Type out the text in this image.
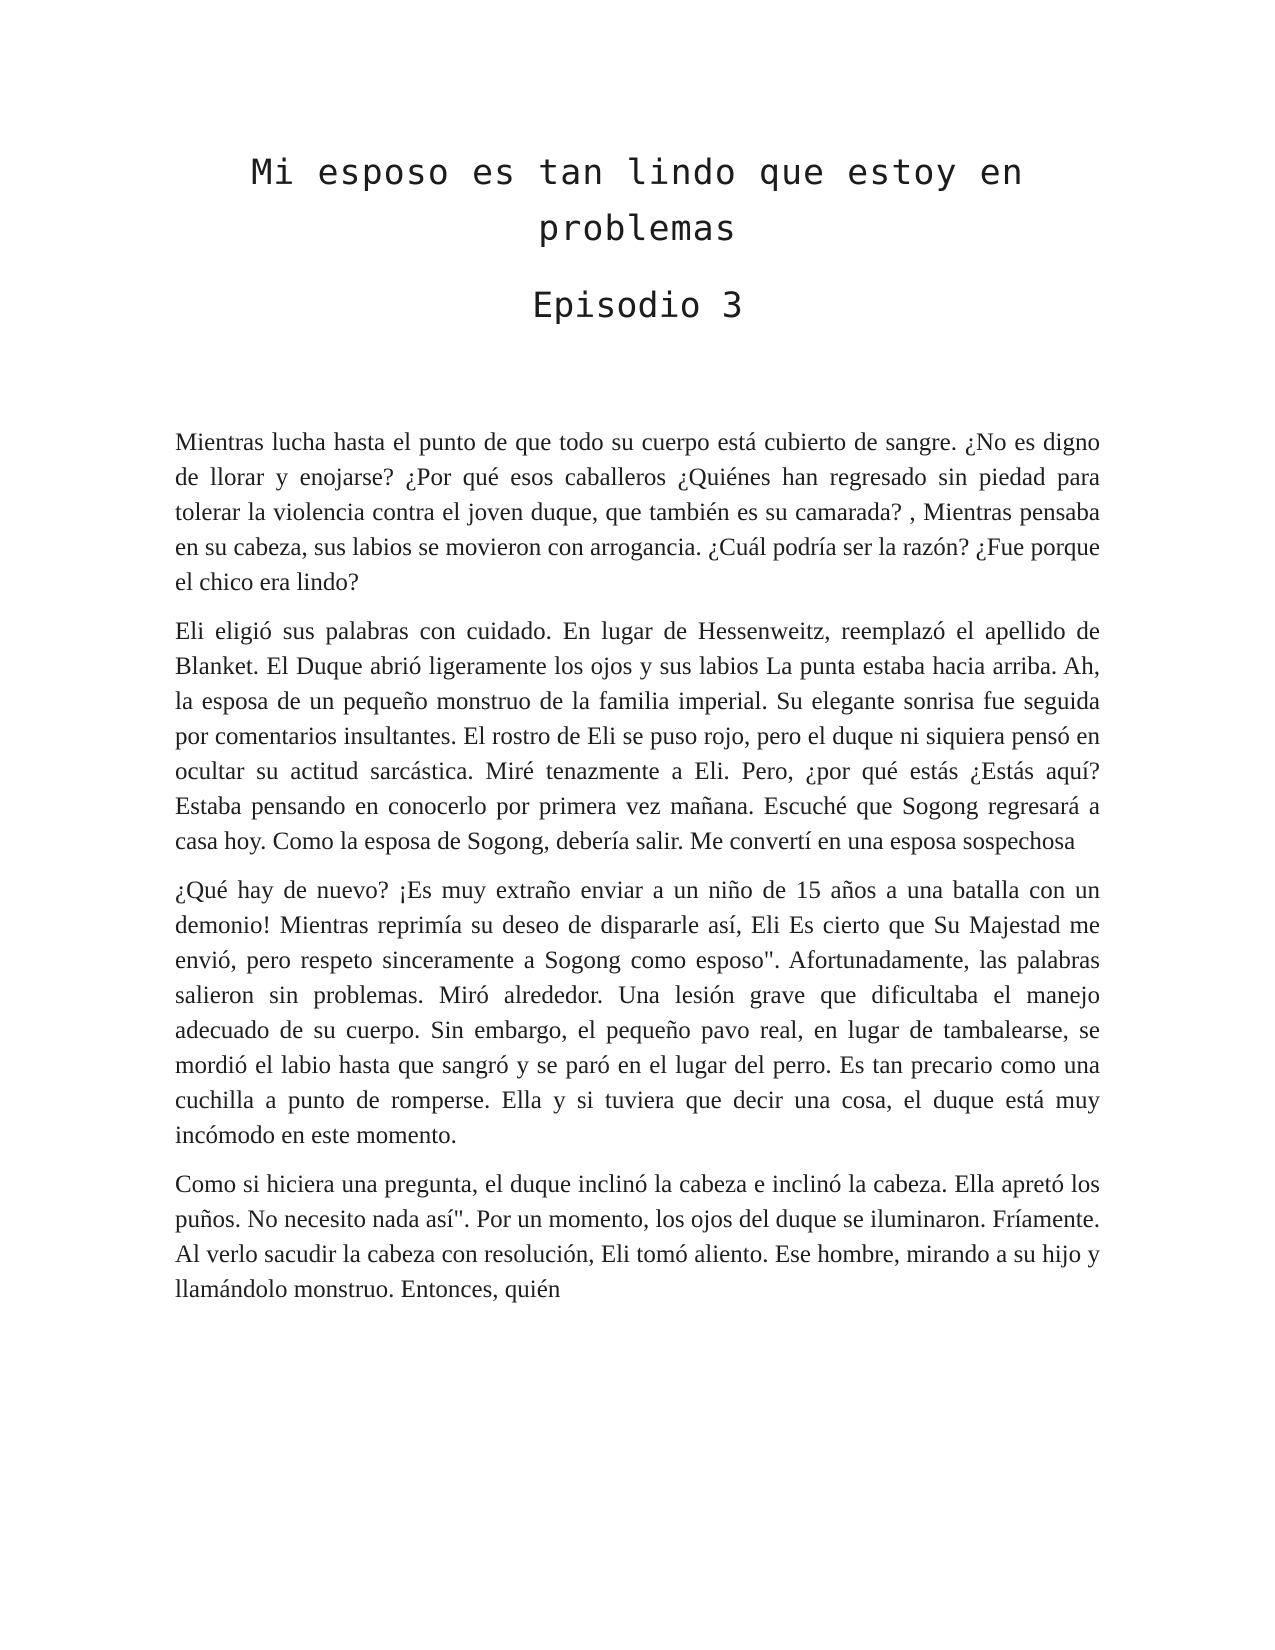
Mi esposo es tan lindo que estoy en problemas
Episodio 3

Mientras lucha hasta el punto de que todo su cuerpo está cubierto de sangre. ¿No es digno de llorar y enojarse? ¿Por qué esos caballeros ¿Quiénes han regresado sin piedad para tolerar la violencia contra el joven duque, que también es su camarada? , Mientras pensaba en su cabeza, sus labios se movieron con arrogancia. ¿Cuál podría ser la razón? ¿Fue porque el chico era lindo?

Eli eligió sus palabras con cuidado. En lugar de Hessenweitz, reemplazó el apellido de Blanket. El Duque abrió ligeramente los ojos y sus labios La punta estaba hacia arriba. Ah, la esposa de un pequeño monstruo de la familia imperial. Su elegante sonrisa fue seguida por comentarios insultantes. El rostro de Eli se puso rojo, pero el duque ni siquiera pensó en ocultar su actitud sarcástica. Miré tenazmente a Eli. Pero, ¿por qué estás ¿Estás aquí? Estaba pensando en conocerlo por primera vez mañana. Escuché que Sogong regresará a casa hoy. Como la esposa de Sogong, debería salir. Me convertí en una esposa sospechosa

¿Qué hay de nuevo? ¡Es muy extraño enviar a un niño de 15 años a una batalla con un demonio! Mientras reprimía su deseo de dispararle así, Eli Es cierto que Su Majestad me envió, pero respeto sinceramente a Sogong como esposo". Afortunadamente, las palabras salieron sin problemas. Miró alrededor. Una lesión grave que dificultaba el manejo adecuado de su cuerpo. Sin embargo, el pequeño pavo real, en lugar de tambalearse, se mordió el labio hasta que sangró y se paró en el lugar del perro. Es tan precario como una cuchilla a punto de romperse. Ella y si tuviera que decir una cosa, el duque está muy incómodo en este momento.

Como si hiciera una pregunta, el duque inclinó la cabeza e inclinó la cabeza. Ella apretó los puños. No necesito nada así". Por un momento, los ojos del duque se iluminaron. Fríamente. Al verlo sacudir la cabeza con resolución, Eli tomó aliento. Ese hombre, mirando a su hijo y llamándolo monstruo. Entonces, quién
